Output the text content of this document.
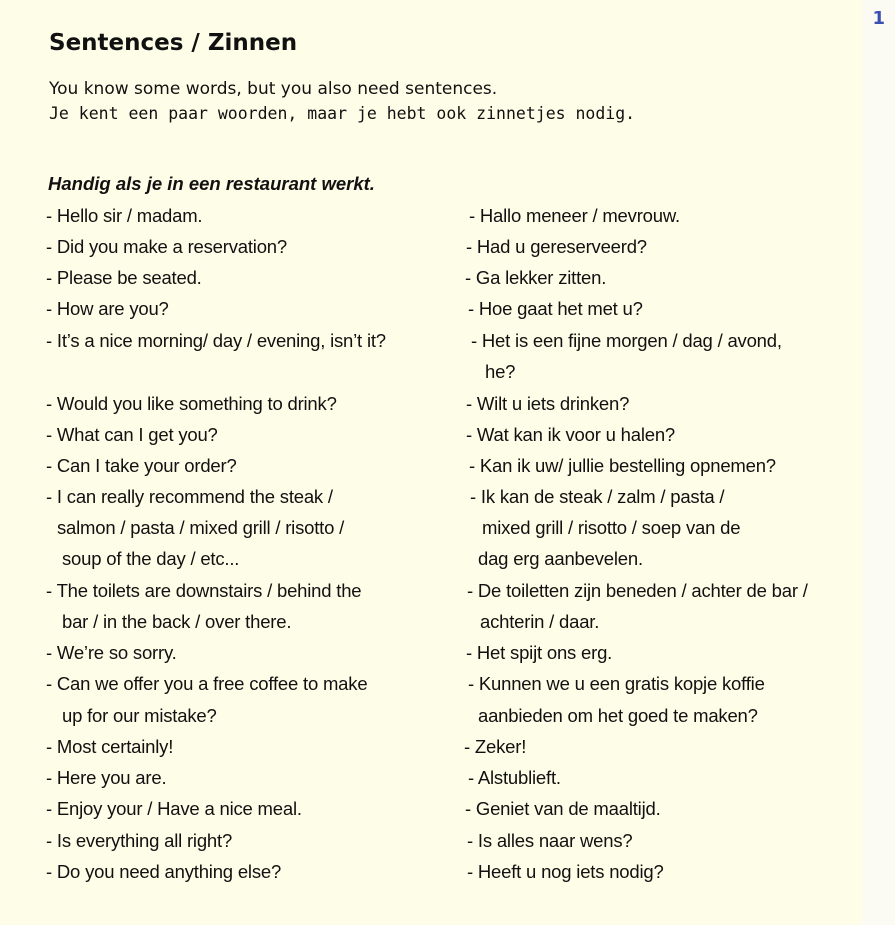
1
Sentences / Zinnen
You know some words, but you also need sentences.
Je kent een paar woorden, maar je hebt ook zinnetjes nodig.
Handig als je in een restaurant werkt.
- Hello sir / madam.
- Did you make a reservation?
- Please be seated.
- How are you?
- It’s a nice morning/ day / evening, isn’t it?
- Would you like something to drink?
- What can I get you?
- Can I take your order?
- I can really recommend the steak /
salmon / pasta / mixed grill / risotto /
soup of the day / etc...
- The toilets are downstairs / behind the
bar / in the back / over there.
- We’re so sorry.
- Can we offer you a free coffee to make
up for our mistake?
- Most certainly!
- Here you are.
- Enjoy your / Have a nice meal.
- Is everything all right?
- Do you need anything else?
- Hallo meneer / mevrouw.
- Had u gereserveerd?
- Ga lekker zitten.
- Hoe gaat het met u?
- Het is een fijne morgen / dag / avond,
he?
- Wilt u iets drinken?
- Wat kan ik voor u halen?
- Kan ik uw/ jullie bestelling opnemen?
- Ik kan de steak / zalm / pasta /
mixed grill / risotto / soep van de
dag erg aanbevelen.
- De toiletten zijn beneden / achter de bar /
achterin / daar.
- Het spijt ons erg.
- Kunnen we u een gratis kopje koffie
aanbieden om het goed te maken?
- Zeker!
- Alstublieft.
- Geniet van de maaltijd.
- Is alles naar wens?
- Heeft u nog iets nodig?
